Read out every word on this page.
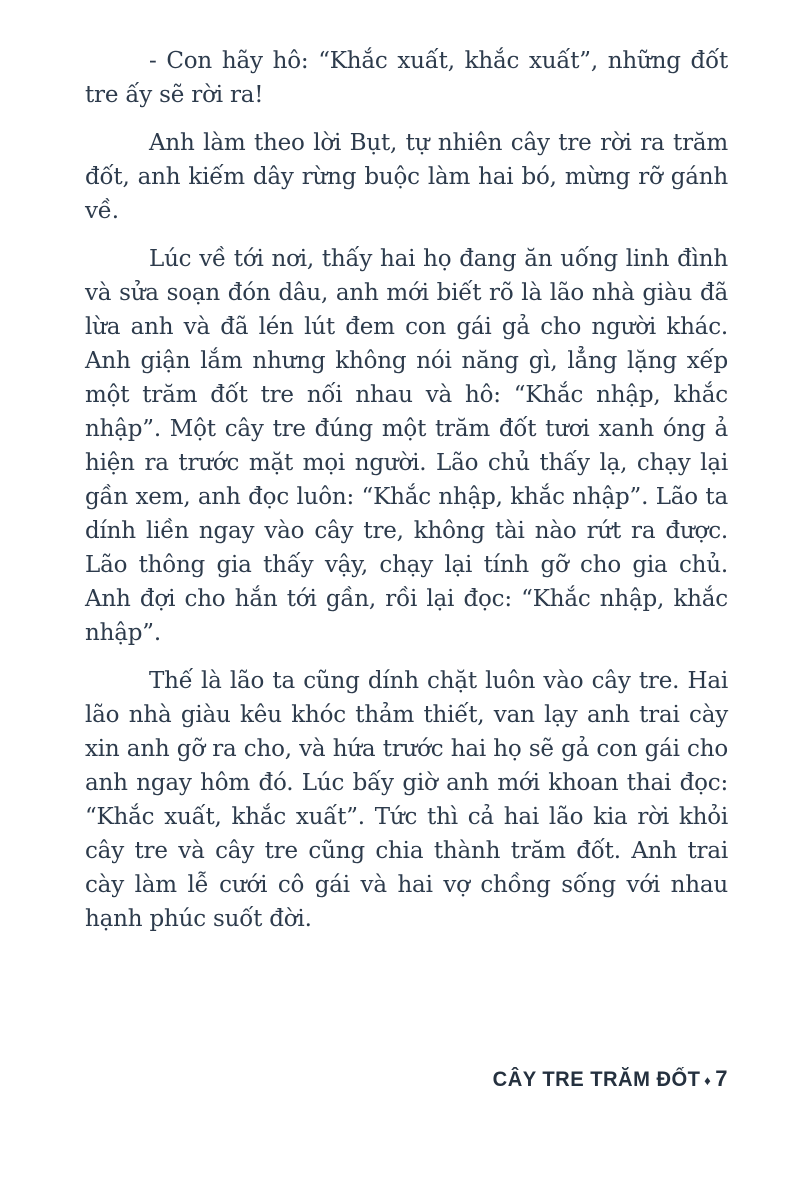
- Con hãy hô: “Khắc xuất, khắc xuất”, những đốt tre ấy sẽ rời ra!

Anh làm theo lời Bụt, tự nhiên cây tre rời ra trăm đốt, anh kiếm dây rừng buộc làm hai bó, mừng rỡ gánh về.

Lúc về tới nơi, thấy hai họ đang ăn uống linh đình và sửa soạn đón dâu, anh mới biết rõ là lão nhà giàu đã lừa anh và đã lén lút đem con gái gả cho người khác. Anh giận lắm nhưng không nói năng gì, lẳng lặng xếp một trăm đốt tre nối nhau và hô: “Khắc nhập, khắc nhập”. Một cây tre đúng một trăm đốt tươi xanh óng ả hiện ra trước mặt mọi người. Lão chủ thấy lạ, chạy lại gần xem, anh đọc luôn: “Khắc nhập, khắc nhập”. Lão ta dính liền ngay vào cây tre, không tài nào rứt ra được. Lão thông gia thấy vậy, chạy lại tính gỡ cho gia chủ. Anh đợi cho hắn tới gần, rồi lại đọc: “Khắc nhập, khắc nhập”.

Thế là lão ta cũng dính chặt luôn vào cây tre. Hai lão nhà giàu kêu khóc thảm thiết, van lạy anh trai cày xin anh gỡ ra cho, và hứa trước hai họ sẽ gả con gái cho anh ngay hôm đó. Lúc bấy giờ anh mới khoan thai đọc: “Khắc xuất, khắc xuất”. Tức thì cả hai lão kia rời khỏi cây tre và cây tre cũng chia thành trăm đốt. Anh trai cày làm lễ cưới cô gái và hai vợ chồng sống với nhau hạnh phúc suốt đời.

CÂY TRE TRĂM ĐỐT ♦ 7
